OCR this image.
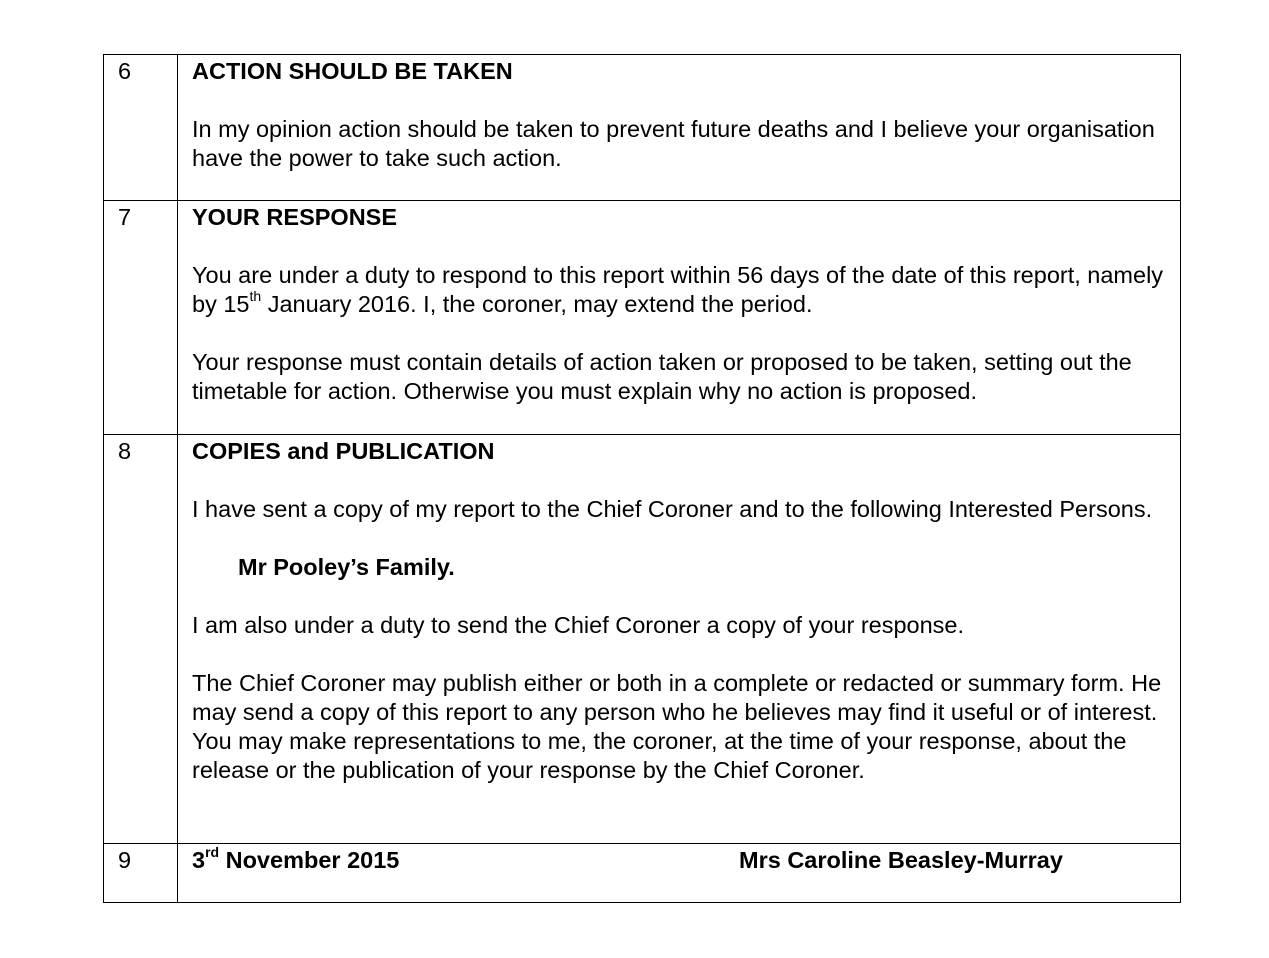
6	ACTION SHOULD BE TAKEN

In my opinion action should be taken to prevent future deaths and I believe your organisation have the power to take such action.

7	YOUR RESPONSE

You are under a duty to respond to this report within 56 days of the date of this report, namely by 15th January 2016. I, the coroner, may extend the period.

Your response must contain details of action taken or proposed to be taken, setting out the timetable for action. Otherwise you must explain why no action is proposed.

8	COPIES and PUBLICATION

I have sent a copy of my report to the Chief Coroner and to the following Interested Persons.

Mr Pooley’s Family.

I am also under a duty to send the Chief Coroner a copy of your response.

The Chief Coroner may publish either or both in a complete or redacted or summary form. He may send a copy of this report to any person who he believes may find it useful or of interest. You may make representations to me, the coroner, at the time of your response, about the release or the publication of your response by the Chief Coroner.

9	3rd November 2015 Mrs Caroline Beasley-Murray
